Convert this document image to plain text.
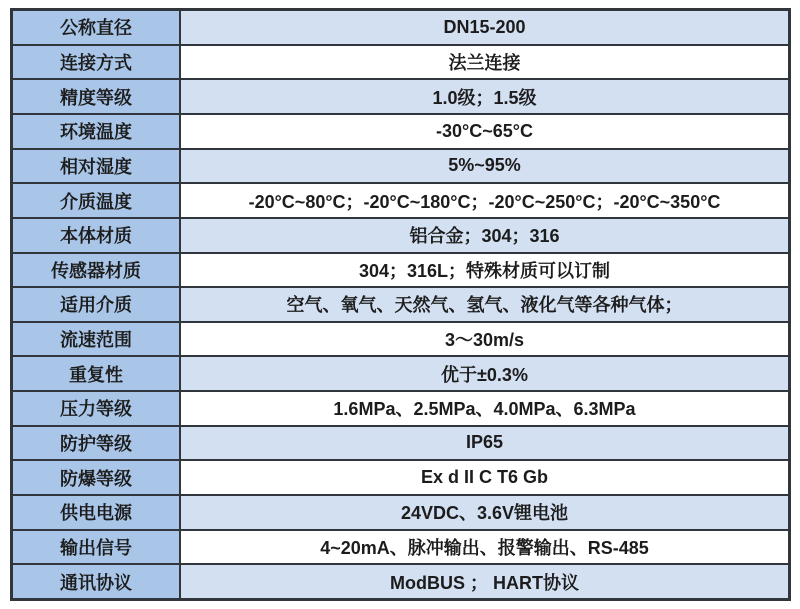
公称直径	DN15-200
连接方式	法兰连接
精度等级	1.0级；1.5级
环境温度	-30°C~65°C
相对湿度	5%~95%
介质温度	-20°C~80°C；-20°C~180°C；-20°C~250°C；-20°C~350°C
本体材质	铝合金；304；316
传感器材质	304；316L；特殊材质可以订制
适用介质	空气、氧气、天然气、氢气、液化气等各种气体；
流速范围	3～30m/s
重复性	优于±0.3%
压力等级	1.6MPa、2.5MPa、4.0MPa、6.3MPa
防护等级	IP65
防爆等级	Ex d II C T6 Gb
供电电源	24VDC、3.6V锂电池
输出信号	4~20mA、脉冲输出、报警输出、RS-485
通讯协议	ModBUS ； HART协议
